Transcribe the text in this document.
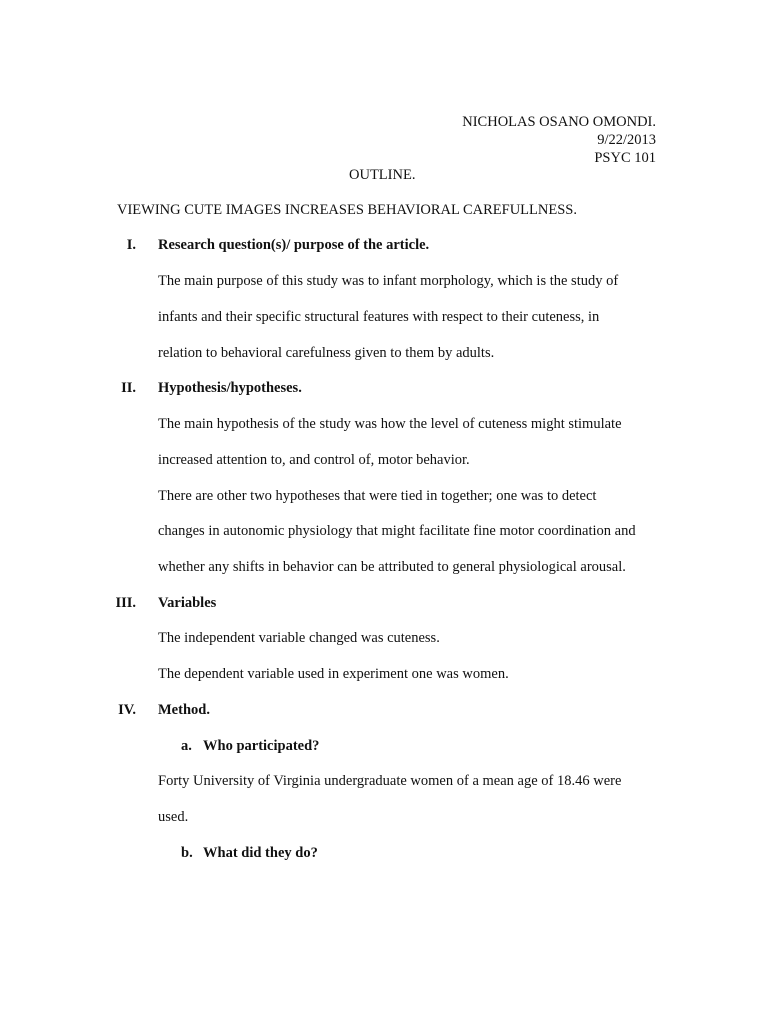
NICHOLAS OSANO OMONDI.
9/22/2013
PSYC 101
OUTLINE.
VIEWING CUTE IMAGES INCREASES BEHAVIORAL CAREFULLNESS.
I. Research question(s)/ purpose of the article.
The main purpose of this study was to infant morphology, which is the study of
infants and their specific structural features with respect to their cuteness, in
relation to behavioral carefulness given to them by adults.
II. Hypothesis/hypotheses.
The main hypothesis of the study was how the level of cuteness might stimulate
increased attention to, and control of, motor behavior.
There are other two hypotheses that were tied in together; one was to detect
changes in autonomic physiology that might facilitate fine motor coordination and
whether any shifts in behavior can be attributed to general physiological arousal.
III. Variables
The independent variable changed was cuteness.
The dependent variable used in experiment one was women.
IV. Method.
a. Who participated?
Forty University of Virginia undergraduate women of a mean age of 18.46 were
used.
b. What did they do?
